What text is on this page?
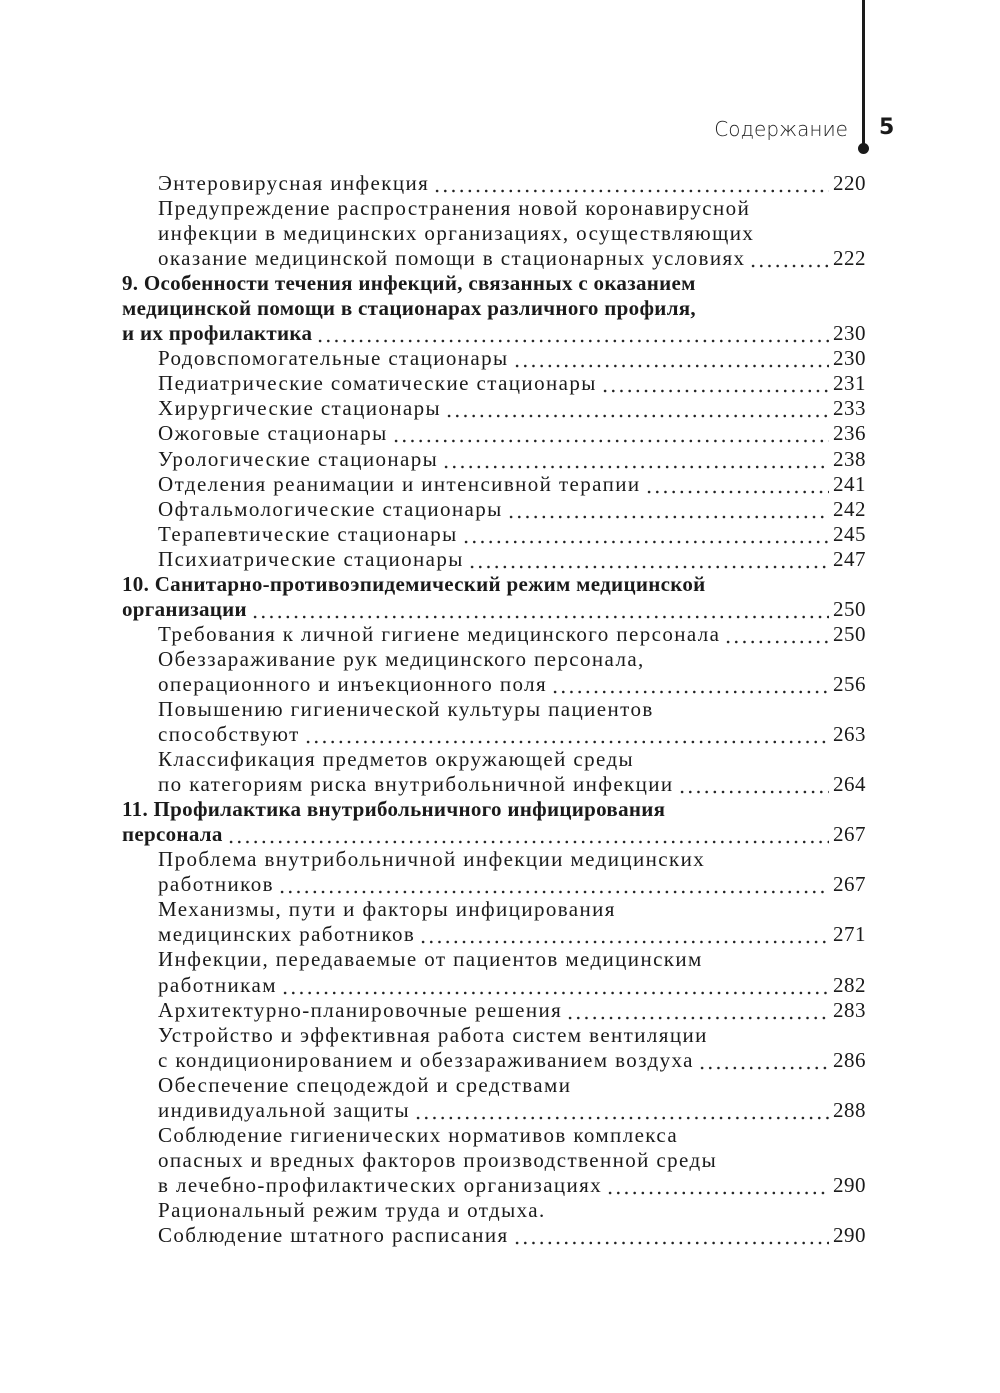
Содержание 5
Энтеровирусная инфекция	220
Предупреждение распространения новой коронавирусной
инфекции в медицинских организациях, осуществляющих
оказание медицинской помощи в стационарных условиях	222
9. Особенности течения инфекций, связанных с оказанием
медицинской помощи в стационарах различного профиля,
и их профилактика	230
Родовспомогательные стационары	230
Педиатрические соматические стационары	231
Хирургические стационары	233
Ожоговые стационары	236
Урологические стационары	238
Отделения реанимации и интенсивной терапии	241
Офтальмологические стационары	242
Терапевтические стационары	245
Психиатрические стационары	247
10. Санитарно-противоэпидемический режим медицинской
организации	250
Требования к личной гигиене медицинского персонала	250
Обеззараживание рук медицинского персонала,
операционного и инъекционного поля	256
Повышению гигиенической культуры пациентов
способствуют	263
Классификация предметов окружающей среды
по категориям риска внутрибольничной инфекции	264
11. Профилактика внутрибольничного инфицирования
персонала	267
Проблема внутрибольничной инфекции медицинских
работников	267
Механизмы, пути и факторы инфицирования
медицинских работников	271
Инфекции, передаваемые от пациентов медицинским
работникам	282
Архитектурно-планировочные решения	283
Устройство и эффективная работа систем вентиляции
с кондиционированием и обеззараживанием воздуха	286
Обеспечение спецодеждой и средствами
индивидуальной защиты	288
Соблюдение гигиенических нормативов комплекса
опасных и вредных факторов производственной среды
в лечебно-профилактических организациях	290
Рациональный режим труда и отдыха.
Соблюдение штатного расписания	290
